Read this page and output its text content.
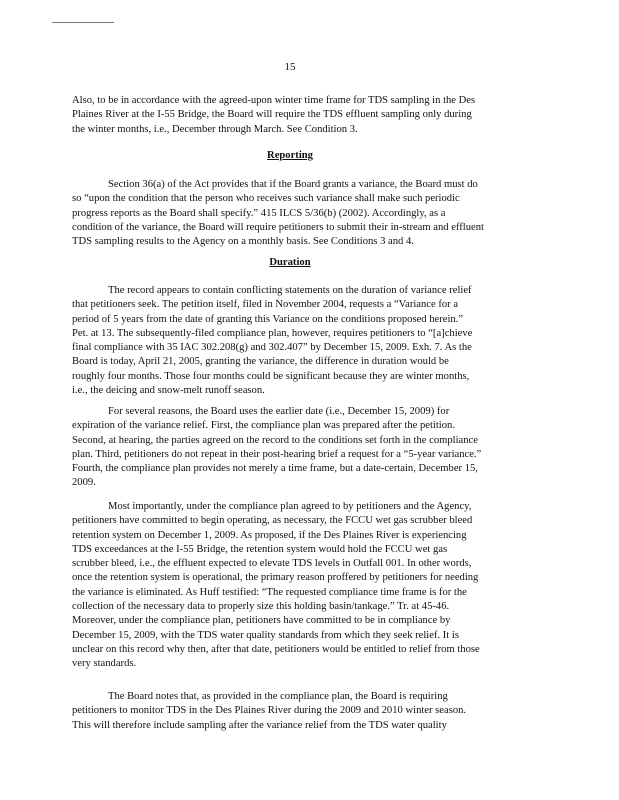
15

Also, to be in accordance with the agreed-upon winter time frame for TDS sampling in the Des
Plaines River at the I-55 Bridge, the Board will require the TDS effluent sampling only during
the winter months, i.e., December through March. See Condition 3.

Reporting

Section 36(a) of the Act provides that if the Board grants a variance, the Board must do
so “upon the condition that the person who receives such variance shall make such periodic
progress reports as the Board shall specify.” 415 ILCS 5/36(b) (2002). Accordingly, as a
condition of the variance, the Board will require petitioners to submit their in-stream and effluent
TDS sampling results to the Agency on a monthly basis. See Conditions 3 and 4.

Duration

The record appears to contain conflicting statements on the duration of variance relief
that petitioners seek. The petition itself, filed in November 2004, requests a “Variance for a
period of 5 years from the date of granting this Variance on the conditions proposed herein.”
Pet. at 13. The subsequently-filed compliance plan, however, requires petitioners to “[a]chieve
final compliance with 35 IAC 302.208(g) and 302.407” by December 15, 2009. Exh. 7. As the
Board is today, April 21, 2005, granting the variance, the difference in duration would be
roughly four months. Those four months could be significant because they are winter months,
i.e., the deicing and snow-melt runoff season.

For several reasons, the Board uses the earlier date (i.e., December 15, 2009) for
expiration of the variance relief. First, the compliance plan was prepared after the petition.
Second, at hearing, the parties agreed on the record to the conditions set forth in the compliance
plan. Third, petitioners do not repeat in their post-hearing brief a request for a “5-year variance.”
Fourth, the compliance plan provides not merely a time frame, but a date-certain, December 15,
2009.

Most importantly, under the compliance plan agreed to by petitioners and the Agency,
petitioners have committed to begin operating, as necessary, the FCCU wet gas scrubber bleed
retention system on December 1, 2009. As proposed, if the Des Plaines River is experiencing
TDS exceedances at the I-55 Bridge, the retention system would hold the FCCU wet gas
scrubber bleed, i.e., the effluent expected to elevate TDS levels in Outfall 001. In other words,
once the retention system is operational, the primary reason proffered by petitioners for needing
the variance is eliminated. As Huff testified: “The requested compliance time frame is for the
collection of the necessary data to properly size this holding basin/tankage.” Tr. at 45-46.
Moreover, under the compliance plan, petitioners have committed to be in compliance by
December 15, 2009, with the TDS water quality standards from which they seek relief. It is
unclear on this record why then, after that date, petitioners would be entitled to relief from those
very standards.

The Board notes that, as provided in the compliance plan, the Board is requiring
petitioners to monitor TDS in the Des Plaines River during the 2009 and 2010 winter season.
This will therefore include sampling after the variance relief from the TDS water quality
